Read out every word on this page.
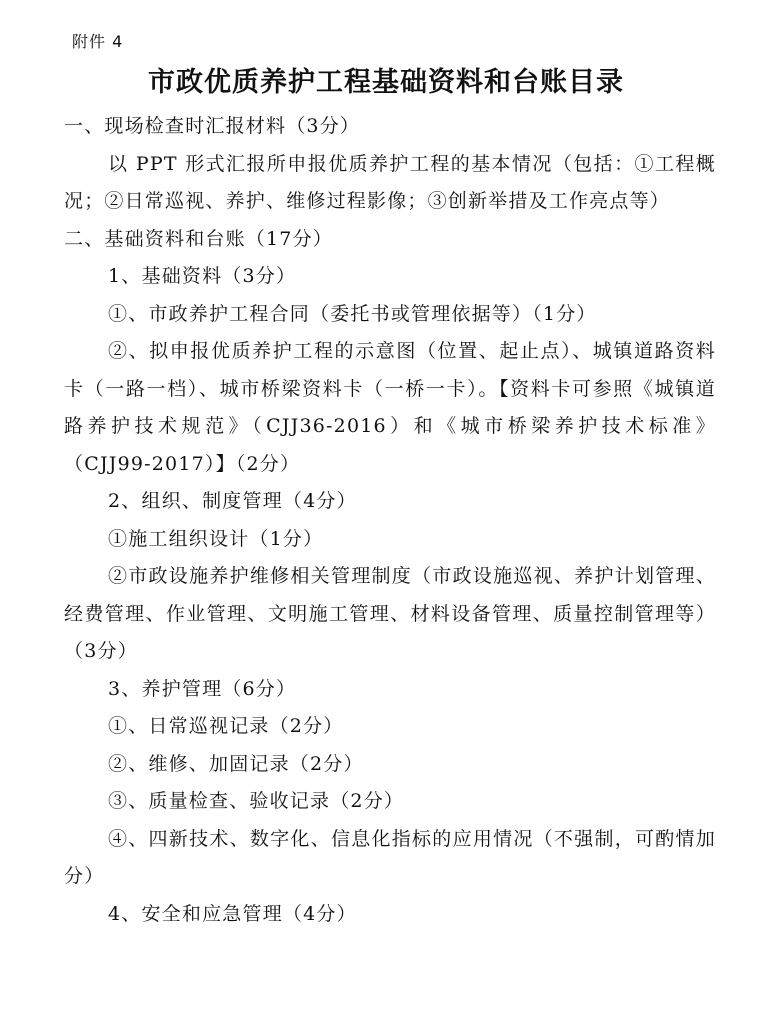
附件 4
市政优质养护工程基础资料和台账目录

一、现场检查时汇报材料（3分）

以 PPT 形式汇报所申报优质养护工程的基本情况（包括：①工程概况；②日常巡视、养护、维修过程影像；③创新举措及工作亮点等）

二、基础资料和台账（17分）

1、基础资料（3分）

①、市政养护工程合同（委托书或管理依据等）（1分）

②、拟申报优质养护工程的示意图（位置、起止点）、城镇道路资料卡（一路一档）、城市桥梁资料卡（一桥一卡）。【资料卡可参照《城镇道路养护技术规范》（CJJ36-2016）和《城市桥梁养护技术标准》（CJJ99-2017）】（2分）

2、组织、制度管理（4分）

①施工组织设计（1分）

②市政设施养护维修相关管理制度（市政设施巡视、养护计划管理、经费管理、作业管理、文明施工管理、材料设备管理、质量控制管理等）（3分）

3、养护管理（6分）

①、日常巡视记录（2分）

②、维修、加固记录（2分）

③、质量检查、验收记录（2分）

④、四新技术、数字化、信息化指标的应用情况（不强制，可酌情加分）

4、安全和应急管理（4分）
